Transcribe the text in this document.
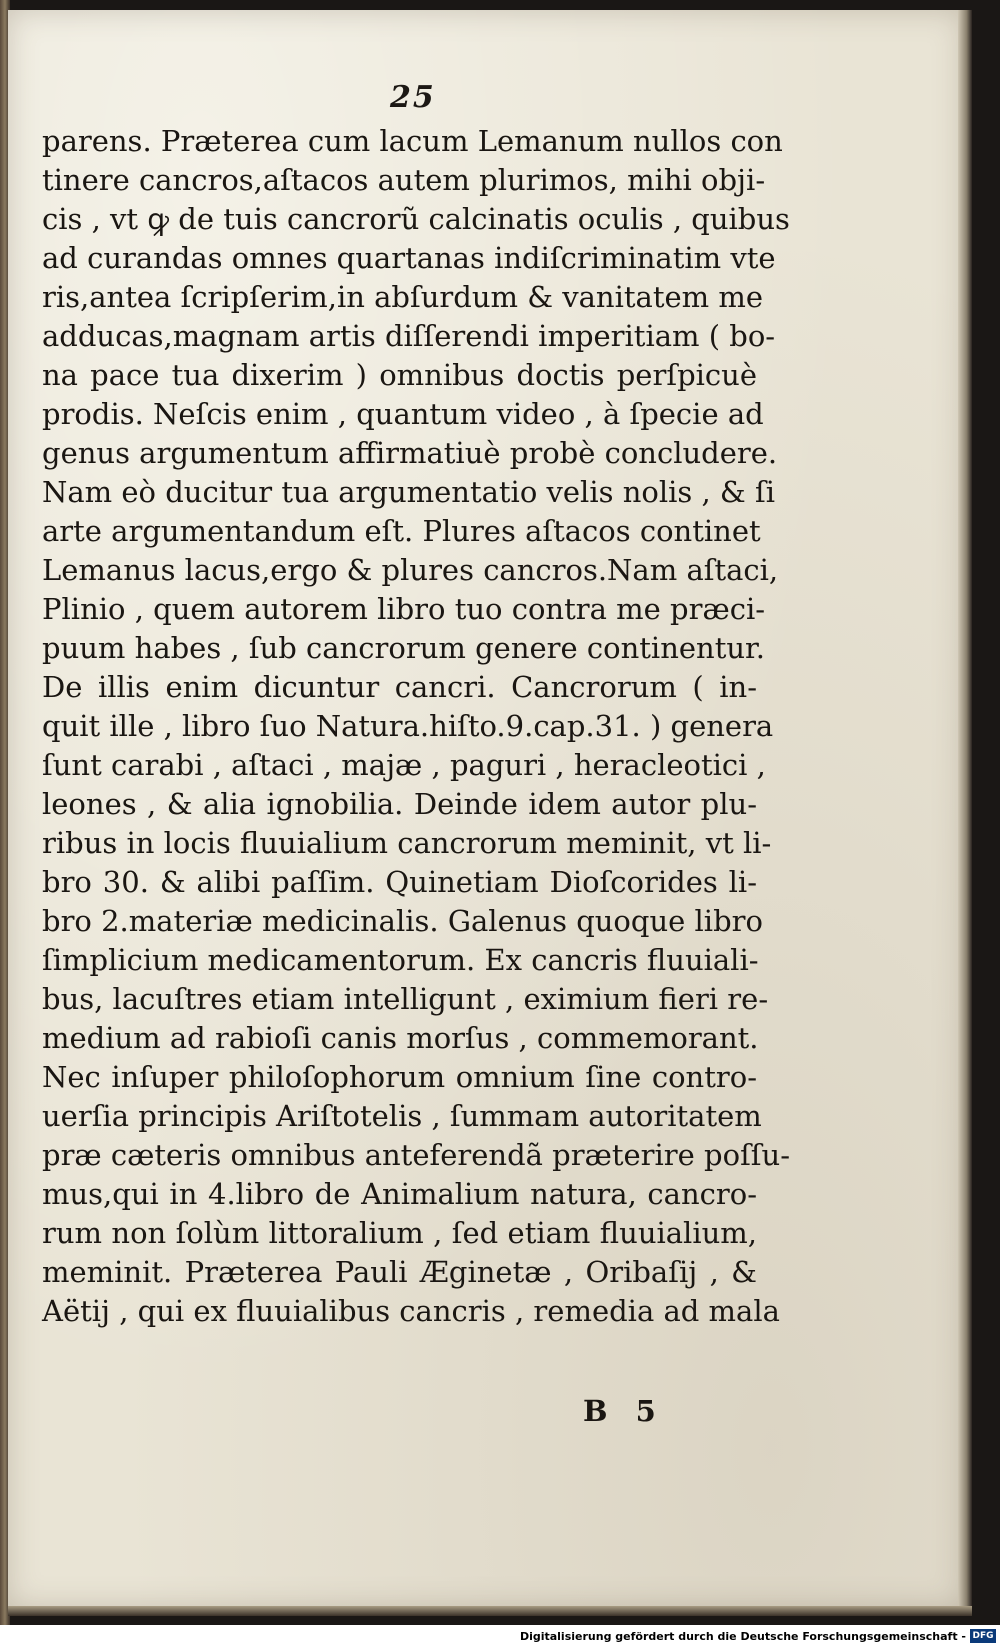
25
parens. Præterea cum lacum Lemanum nullos con
tinere cancros,aſtacos autem plurimos, mihi obji-
cis , vt ꝙ de tuis cancrorũ calcinatis oculis , quibus
ad curandas omnes quartanas indiſcriminatim vte
ris,antea ſcripſerim,in abſurdum & vanitatem me
adducas,magnam artis diſſerendi imperitiam ( bo-
na pace tua dixerim ) omnibus doctis perſpicuè
prodis. Neſcis enim , quantum video , à ſpecie ad
genus argumentum affirmatiuè probè concludere.
Nam eò ducitur tua argumentatio velis nolis , & ſi
arte argumentandum eſt. Plures aſtacos continet
Lemanus lacus,ergo & plures cancros.Nam aſtaci,
Plinio , quem autorem libro tuo contra me præci-
puum habes , ſub cancrorum genere continentur.
De illis enim dicuntur cancri. Cancrorum ( in-
quit ille , libro ſuo Natura.hiſto.9.cap.31. ) genera
ſunt carabi , aſtaci , majæ , paguri , heracleotici ,
leones , & alia ignobilia. Deinde idem autor plu-
ribus in locis fluuialium cancrorum meminit, vt li-
bro 30. & alibi paſſim. Quinetiam Dioſcorides li-
bro 2.materiæ medicinalis. Galenus quoque libro
ſimplicium medicamentorum. Ex cancris fluuiali-
bus, lacuſtres etiam intelligunt , eximium fieri re-
medium ad rabioſi canis morſus , commemorant.
Nec inſuper philoſophorum omnium ſine contro-
uerſia principis Ariſtotelis , ſummam autoritatem
præ cæteris omnibus anteferendã præterire poſſu-
mus,qui in 4.libro de Animalium natura, cancro-
rum non ſolùm littoralium , ſed etiam fluuialium,
meminit. Præterea Pauli Æginetæ , Oribaſij , &
Aëtij , qui ex fluuialibus cancris , remedia ad mala
B 5
Digitalisierung gefördert durch die Deutsche Forschungsgemeinschaft - DFG
